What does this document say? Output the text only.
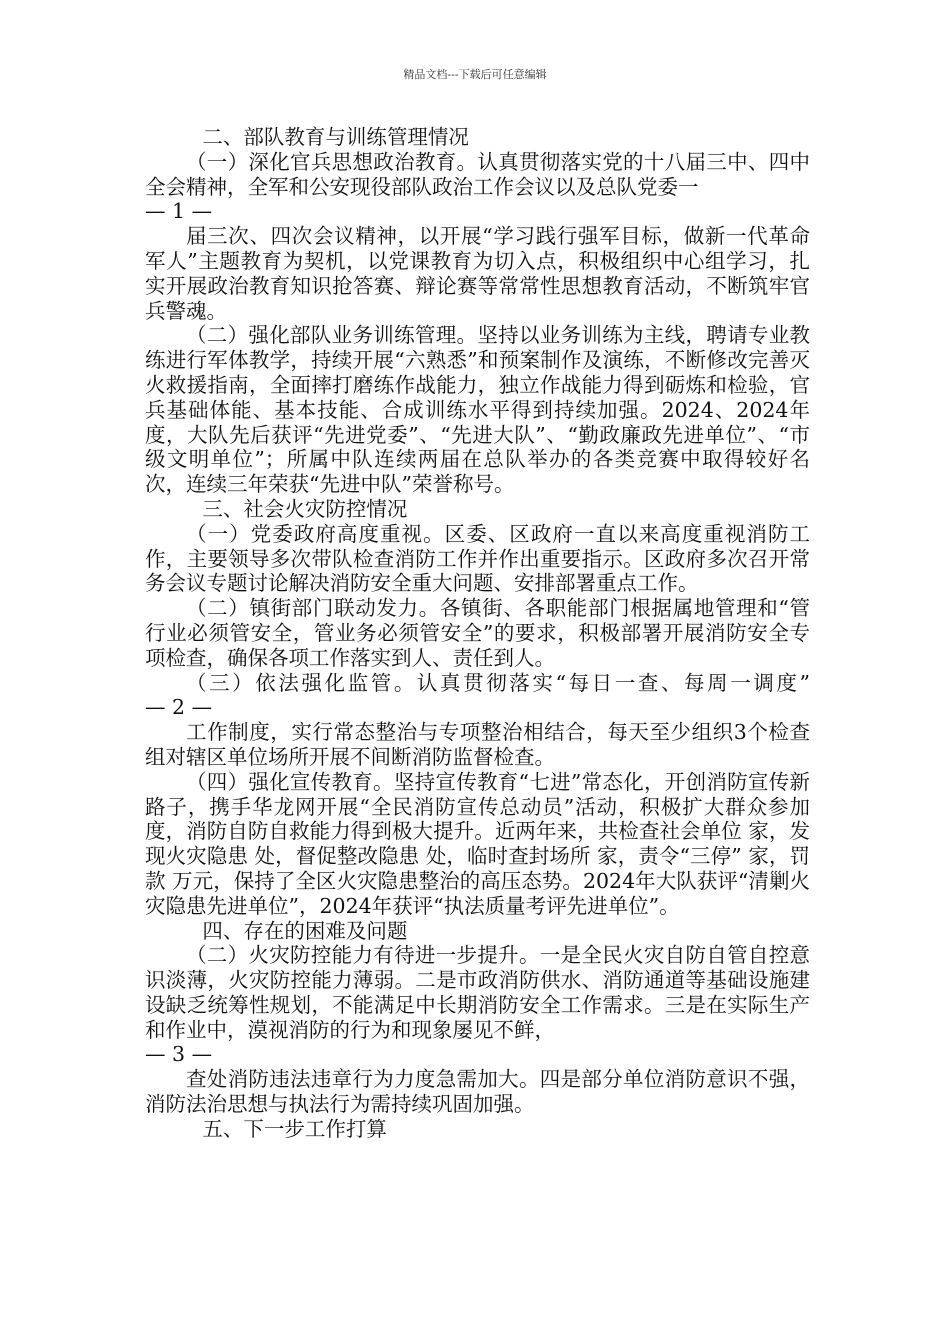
精品文档---下载后可任意编辑

二、部队教育与训练管理情况

（一）深化官兵思想政治教育。认真贯彻落实党的十八届三中、四中全会精神，全军和公安现役部队政治工作会议以及总队党委一

— 1 —

届三次、四次会议精神，以开展“学习践行强军目标，做新一代革命军人”主题教育为契机，以党课教育为切入点，积极组织中心组学习，扎实开展政治教育知识抢答赛、辩论赛等常常性思想教育活动，不断筑牢官兵警魂。

（二）强化部队业务训练管理。坚持以业务训练为主线，聘请专业教练进行军体教学，持续开展“六熟悉”和预案制作及演练，不断修改完善灭火救援指南，全面摔打磨练作战能力，独立作战能力得到砺炼和检验，官兵基础体能、基本技能、合成训练水平得到持续加强。2024、2024年度，大队先后获评“先进党委”、“先进大队”、“勤政廉政先进单位”、“市级文明单位”；所属中队连续两届在总队举办的各类竞赛中取得较好名次，连续三年荣获“先进中队”荣誉称号。

三、社会火灾防控情况

（一）党委政府高度重视。区委、区政府一直以来高度重视消防工作，主要领导多次带队检查消防工作并作出重要指示。区政府多次召开常务会议专题讨论解决消防安全重大问题、安排部署重点工作。

（二）镇街部门联动发力。各镇街、各职能部门根据属地管理和“管行业必须管安全，管业务必须管安全”的要求，积极部署开展消防安全专项检查，确保各项工作落实到人、责任到人。

（三）依法强化监管。认真贯彻落实“每日一查、每周一调度” — 2 —

工作制度，实行常态整治与专项整治相结合，每天至少组织3个检查组对辖区单位场所开展不间断消防监督检查。

（四）强化宣传教育。坚持宣传教育“七进”常态化，开创消防宣传新路子，携手华龙网开展“全民消防宣传总动员”活动，积极扩大群众参加度，消防自防自救能力得到极大提升。近两年来，共检查社会单位 家，发现火灾隐患 处，督促整改隐患 处，临时查封场所 家，责令“三停” 家，罚款 万元，保持了全区火灾隐患整治的高压态势。2024年大队获评“清剿火灾隐患先进单位”，2024年获评“执法质量考评先进单位”。

四、存在的困难及问题

（二）火灾防控能力有待进一步提升。一是全民火灾自防自管自控意识淡薄，火灾防控能力薄弱。二是市政消防供水、消防通道等基础设施建设缺乏统筹性规划，不能满足中长期消防安全工作需求。三是在实际生产和作业中，漠视消防的行为和现象屡见不鲜，

— 3 —

查处消防违法违章行为力度急需加大。四是部分单位消防意识不强，消防法治思想与执法行为需持续巩固加强。

五、下一步工作打算
